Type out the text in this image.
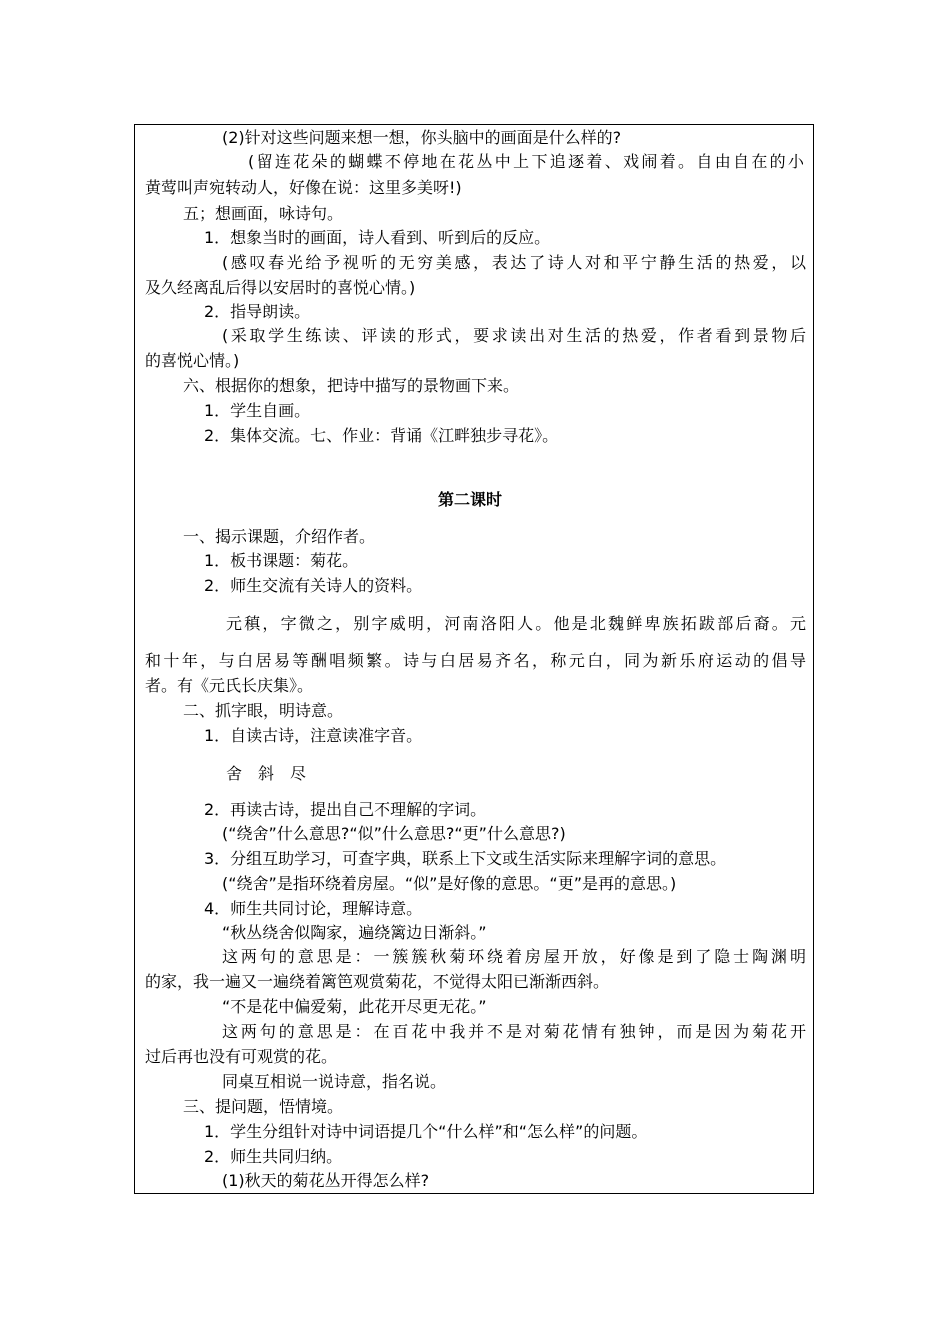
(2)针对这些问题来想一想，你头脑中的画面是什么样的?
(留连花朵的蝴蝶不停地在花丛中上下追逐着、戏闹着。自由自在的小
黄莺叫声宛转动人，好像在说：这里多美呀!)
五；想画面，咏诗句。
1．想象当时的画面，诗人看到、听到后的反应。
(感叹春光给予视听的无穷美感，表达了诗人对和平宁静生活的热爱，以
及久经离乱后得以安居时的喜悦心情。)
2．指导朗读。
(采取学生练读、评读的形式，要求读出对生活的热爱，作者看到景物后
的喜悦心情。)
六、根据你的想象，把诗中描写的景物画下来。
1．学生自画。
2．集体交流。七、作业：背诵《江畔独步寻花》。
第二课时
一、揭示课题，介绍作者。
1．板书课题：菊花。
2．师生交流有关诗人的资料。
元稹，字微之，别字威明，河南洛阳人。他是北魏鲜卑族拓跋部后裔。元
和十年，与白居易等酬唱频繁。诗与白居易齐名，称元白，同为新乐府运动的倡导
者。有《元氏长庆集》。
二、抓字眼，明诗意。
1．自读古诗，注意读准字音。
舍　斜　尽
2．再读古诗，提出自己不理解的字词。
(“绕舍”什么意思?“似”什么意思?“更”什么意思?)
3．分组互助学习，可查字典，联系上下文或生活实际来理解字词的意思。
(“绕舍”是指环绕着房屋。“似”是好像的意思。“更”是再的意思。)
4．师生共同讨论，理解诗意。
“秋丛绕舍似陶家，遍绕篱边日渐斜。”
这两句的意思是：一簇簇秋菊环绕着房屋开放，好像是到了隐士陶渊明
的家，我一遍又一遍绕着篱笆观赏菊花，不觉得太阳已渐渐西斜。
“不是花中偏爱菊，此花开尽更无花。”
这两句的意思是：在百花中我并不是对菊花情有独钟，而是因为菊花开
过后再也没有可观赏的花。
同桌互相说一说诗意，指名说。
三、提问题，悟情境。
1．学生分组针对诗中词语提几个“什么样”和“怎么样”的问题。
2．师生共同归纳。
(1)秋天的菊花丛开得怎么样?
